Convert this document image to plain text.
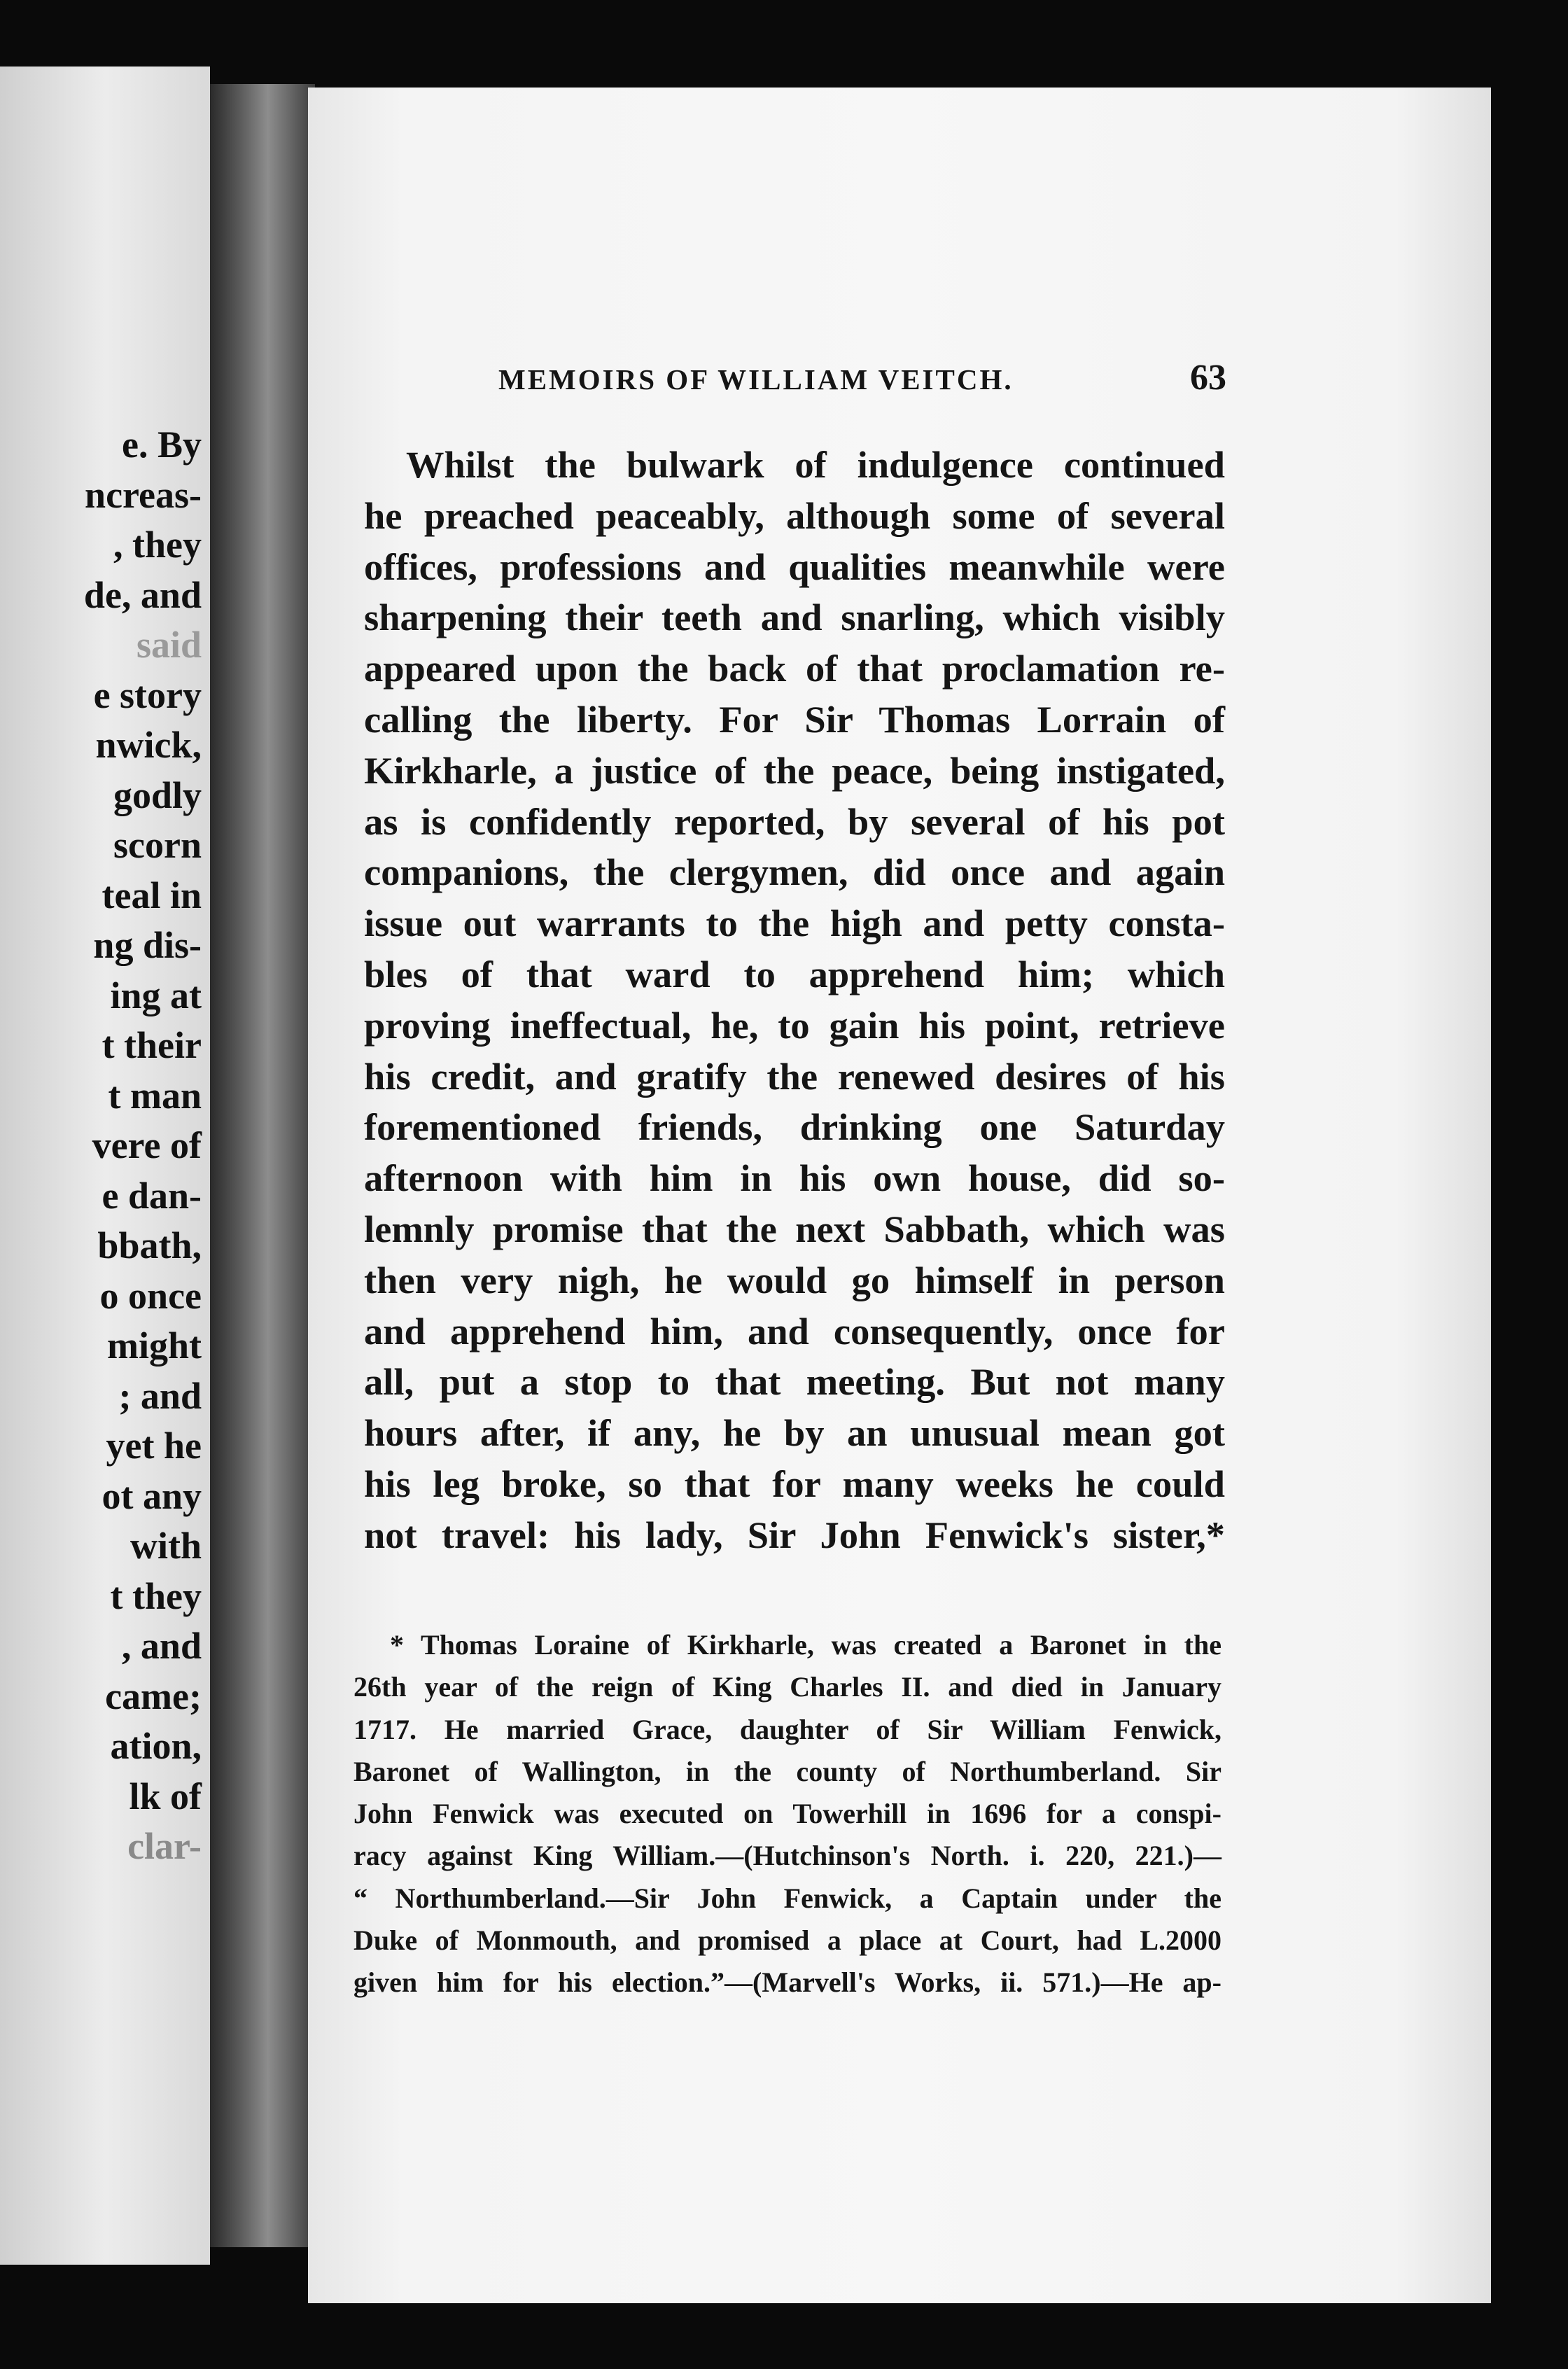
e. By
ncreas-
, they
de, and
said
e story
nwick,
godly
scorn
teal in
ng dis-
ing at
t their
t man
vere of
e dan-
bbath,
o once
might
; and
yet he
ot any
with
t they
, and
came;
ation,
lk of
clar-
MEMOIRS OF WILLIAM VEITCH.	63
Whilst the bulwark of indulgence continued
he preached peaceably, although some of several
offices, professions and qualities meanwhile were
sharpening their teeth and snarling, which visibly
appeared upon the back of that proclamation re-
calling the liberty. For Sir Thomas Lorrain of
Kirkharle, a justice of the peace, being instigated,
as is confidently reported, by several of his pot
companions, the clergymen, did once and again
issue out warrants to the high and petty consta-
bles of that ward to apprehend him; which
proving ineffectual, he, to gain his point, retrieve
his credit, and gratify the renewed desires of his
forementioned friends, drinking one Saturday
afternoon with him in his own house, did so-
lemnly promise that the next Sabbath, which was
then very nigh, he would go himself in person
and apprehend him, and consequently, once for
all, put a stop to that meeting. But not many
hours after, if any, he by an unusual mean got
his leg broke, so that for many weeks he could
not travel: his lady, Sir John Fenwick's sister,*
* Thomas Loraine of Kirkharle, was created a Baronet in the
26th year of the reign of King Charles II. and died in January
1717. He married Grace, daughter of Sir William Fenwick,
Baronet of Wallington, in the county of Northumberland. Sir
John Fenwick was executed on Towerhill in 1696 for a conspi-
racy against King William.—(Hutchinson's North. i. 220, 221.)—
“ Northumberland.—Sir John Fenwick, a Captain under the
Duke of Monmouth, and promised a place at Court, had L.2000
given him for his election.”—(Marvell's Works, ii. 571.)—He ap-
